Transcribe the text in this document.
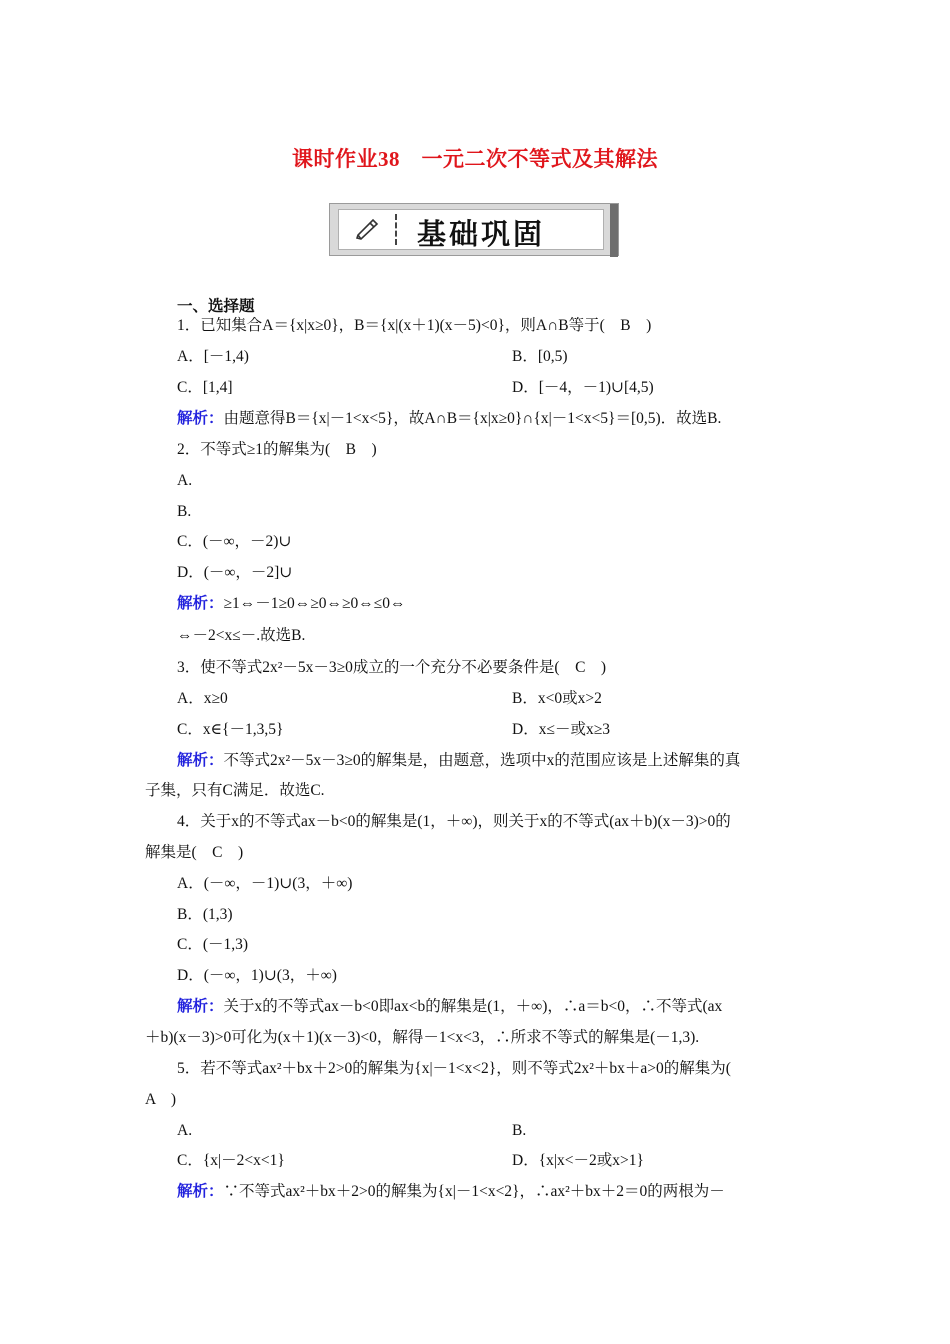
课时作业38　一元二次不等式及其解法
基础巩固
一、选择题
1．已知集合A＝{x|x≥0}，B＝{x|(x＋1)(x－5)<0}，则A∩B等于(　B　)
A．[－1,4)	B．[0,5)
C．[1,4]	D．[－4，－1)∪[4,5)
解析：由题意得B＝{x|－1<x<5}，故A∩B＝{x|x≥0}∩{x|－1<x<5}＝[0,5)．故选B.
2．不等式≥1的解集为(　B　)
A.
B.
C．(－∞，－2)∪
D．(－∞，－2]∪
解析：≥1⇔－1≥0⇔≥0⇔≥0⇔≤0⇔
⇔－2<x≤－.故选B.
3．使不等式2x²－5x－3≥0成立的一个充分不必要条件是(　C　)
A．x≥0	B．x<0或x>2
C．x∈{－1,3,5}	D．x≤－或x≥3
解析：不等式2x²－5x－3≥0的解集是，由题意，选项中x的范围应该是上述解集的真
子集，只有C满足．故选C.
4．关于x的不等式ax－b<0的解集是(1，＋∞)，则关于x的不等式(ax＋b)(x－3)>0的
解集是(　C　)
A．(－∞，－1)∪(3，＋∞)
B．(1,3)
C．(－1,3)
D．(－∞，1)∪(3，＋∞)
解析：关于x的不等式ax－b<0即ax<b的解集是(1，＋∞)，∴a＝b<0，∴不等式(ax
＋b)(x－3)>0可化为(x＋1)(x－3)<0，解得－1<x<3，∴所求不等式的解集是(－1,3).
5．若不等式ax²＋bx＋2>0的解集为{x|－1<x<2}，则不等式2x²＋bx＋a>0的解集为(
A　)
A.	B.
C．{x|－2<x<1}	D．{x|x<－2或x>1}
解析：∵不等式ax²＋bx＋2>0的解集为{x|－1<x<2}，∴ax²＋bx＋2＝0的两根为－
